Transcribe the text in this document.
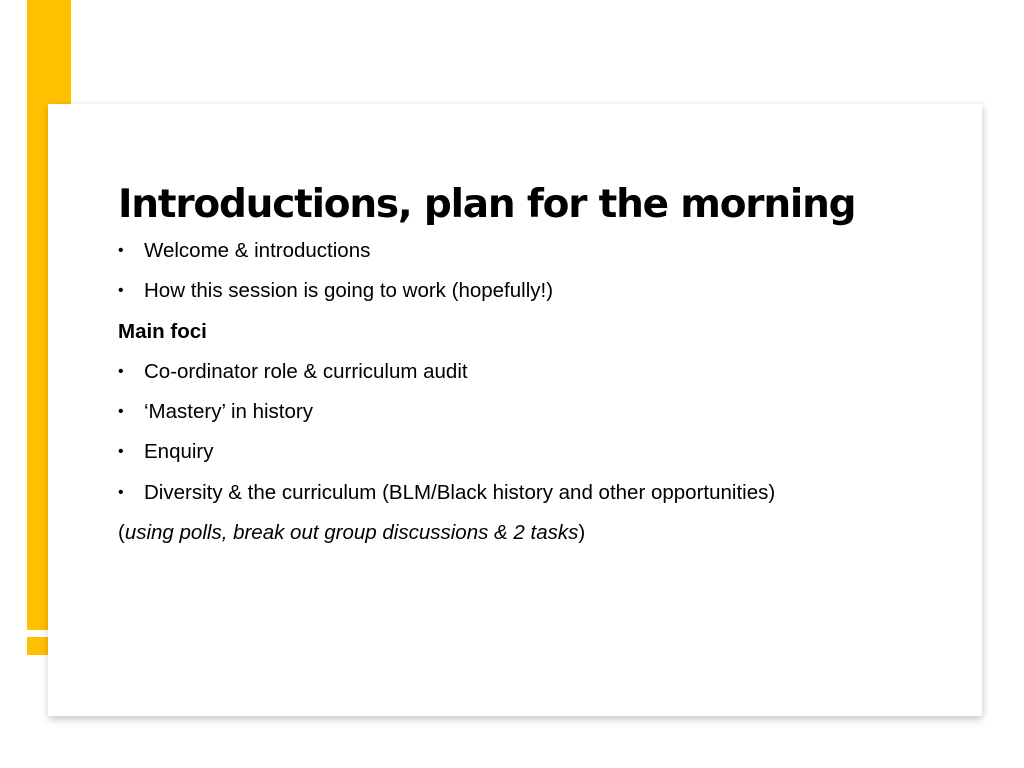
Introductions, plan for the morning
• Welcome & introductions
• How this session is going to work (hopefully!)
Main foci
• Co-ordinator role & curriculum audit
• ‘Mastery’ in history
• Enquiry
• Diversity & the curriculum (BLM/Black history and other opportunities)
(using polls, break out group discussions & 2 tasks)
